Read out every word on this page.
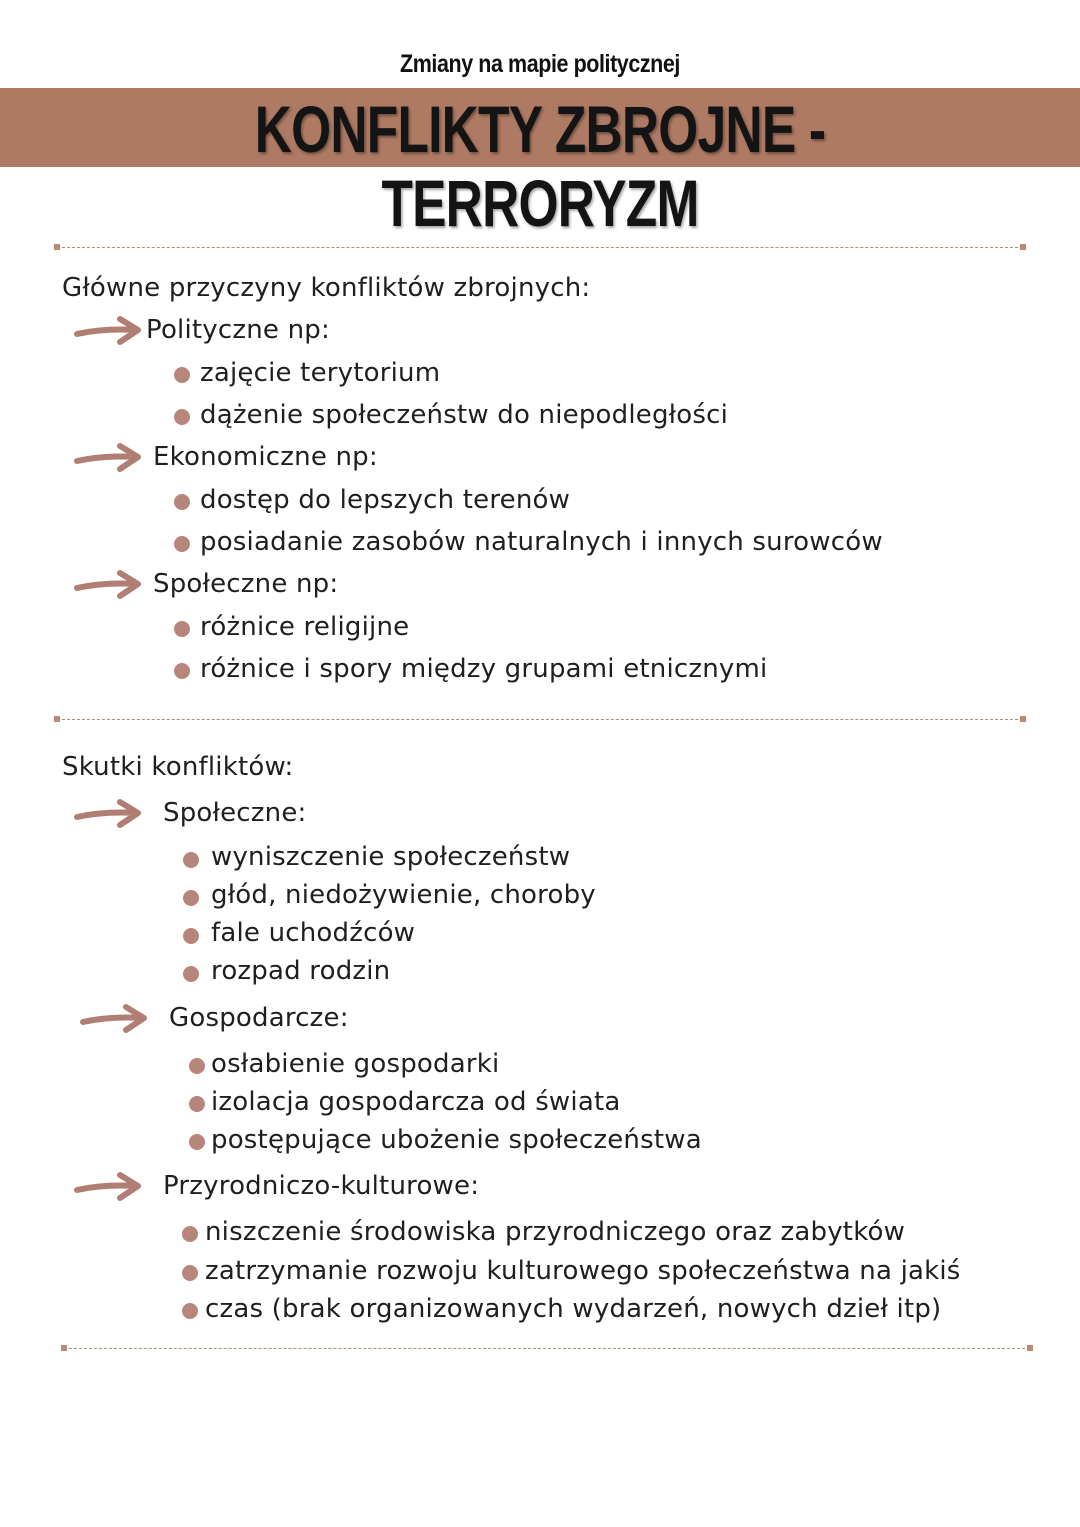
Zmiany na mapie politycznej
KONFLIKTY ZBROJNE - TERRORYZM
Główne przyczyny konfliktów zbrojnych:
Polityczne np:
zajęcie terytorium
dążenie społeczeństw do niepodległości
Ekonomiczne np:
dostęp do lepszych terenów
posiadanie zasobów naturalnych i innych surowców
Społeczne np:
różnice religijne
różnice i spory między grupami etnicznymi
Skutki konfliktów:
Społeczne:
wyniszczenie społeczeństw
głód, niedożywienie, choroby
fale uchodźców
rozpad rodzin
Gospodarcze:
osłabienie gospodarki
izolacja gospodarcza od świata
postępujące ubożenie społeczeństwa
Przyrodniczo-kulturowe:
niszczenie środowiska przyrodniczego oraz zabytków
zatrzymanie rozwoju kulturowego społeczeństwa na jakiś
czas (brak organizowanych wydarzeń, nowych dzieł itp)
